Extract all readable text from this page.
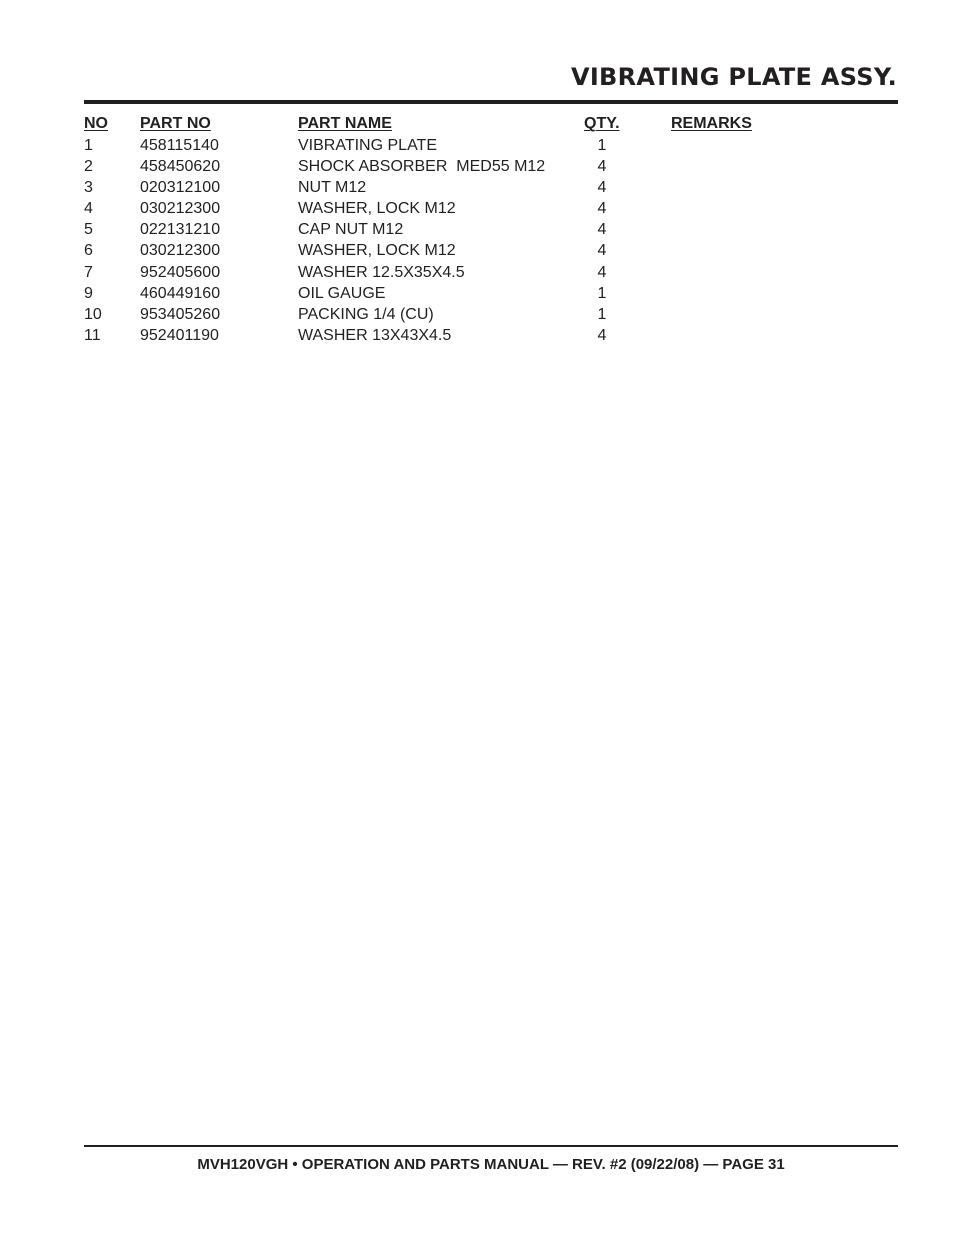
VIBRATING PLATE ASSY.
NO PART NO	PART NAME	QTY.	REMARKS
1	458115140	VIBRATING PLATE	1
2	458450620	SHOCK ABSORBER  MED55 M12	4
3	020312100	NUT M12	4
4	030212300	WASHER, LOCK M12	4
5	022131210	CAP NUT M12	4
6	030212300	WASHER, LOCK M12	4
7	952405600	WASHER 12.5X35X4.5	4
9	460449160	OIL GAUGE	1
10 953405260	PACKING 1/4 (CU)	1
11 952401190	WASHER 13X43X4.5	4
MVH120VGH • OPERATION AND PARTS MANUAL — REV. #2 (09/22/08) — PAGE 31
